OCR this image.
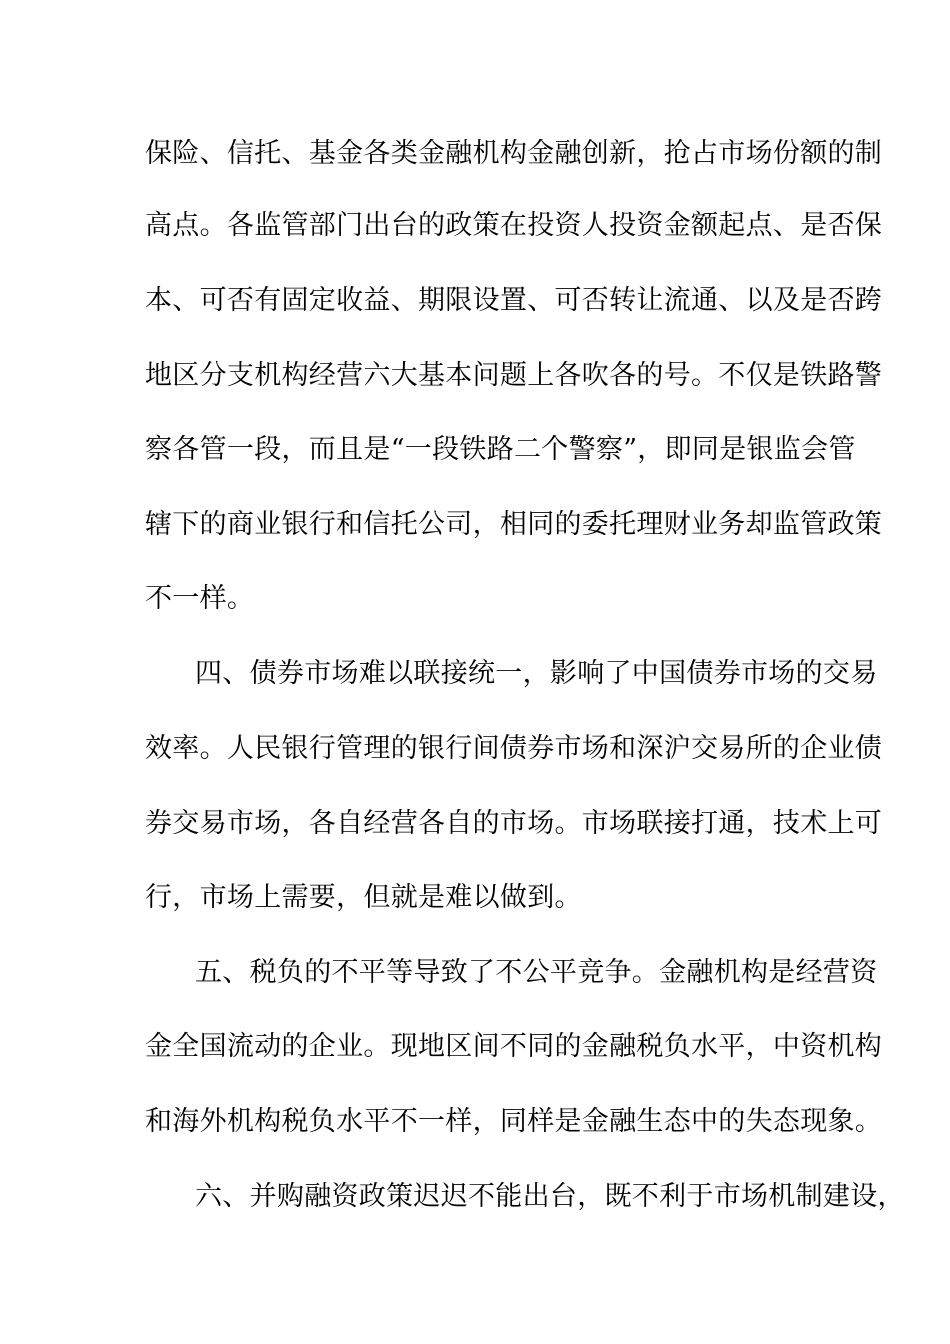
保险、信托、基金各类金融机构金融创新，抢占市场份额的制
高点。各监管部门出台的政策在投资人投资金额起点、是否保
本、可否有固定收益、期限设置、可否转让流通、以及是否跨
地区分支机构经营六大基本问题上各吹各的号。不仅是铁路警
察各管一段，而且是“一段铁路二个警察”，即同是银监会管
辖下的商业银行和信托公司，相同的委托理财业务却监管政策
不一样。
四、债券市场难以联接统一，影响了中国债券市场的交易
效率。人民银行管理的银行间债券市场和深沪交易所的企业债
券交易市场，各自经营各自的市场。市场联接打通，技术上可
行，市场上需要，但就是难以做到。
五、税负的不平等导致了不公平竞争。金融机构是经营资
金全国流动的企业。现地区间不同的金融税负水平，中资机构
和海外机构税负水平不一样，同样是金融生态中的失态现象。
六、并购融资政策迟迟不能出台，既不利于市场机制建设，
